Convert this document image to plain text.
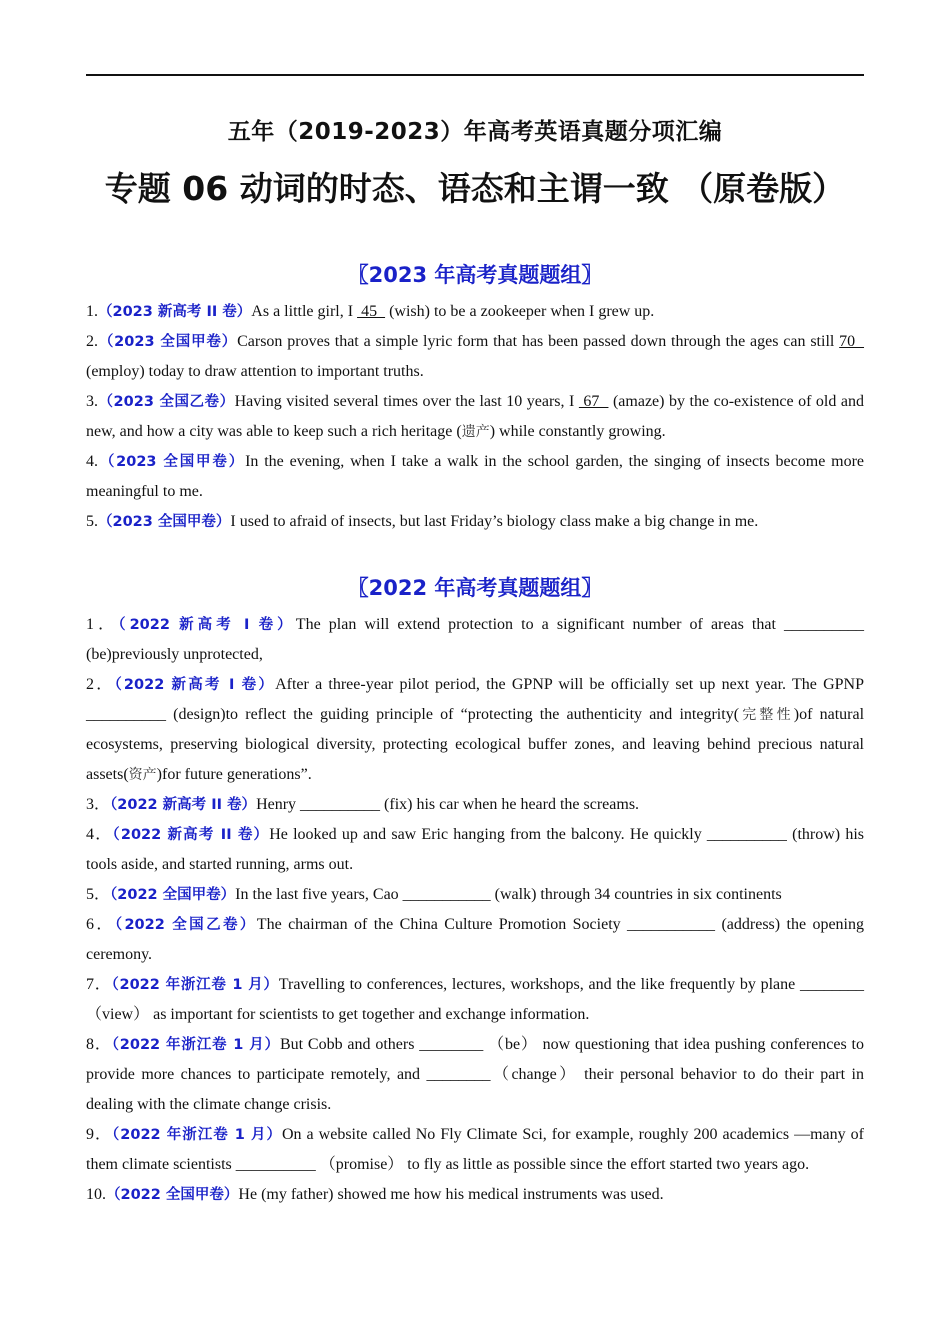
五年（2019-2023）年高考英语真题分项汇编
专题 06 动词的时态、语态和主谓一致 （原卷版）
〖2023 年高考真题题组〗

1.（2023 新高考 II 卷）As a little girl, I  45   (wish) to be a zookeeper when I grew up.

2.（2023 全国甲卷）Carson proves that a simple lyric form that has been passed down through the ages can still 70   (employ) today to draw attention to important truths.

3.（2023 全国乙卷）Having visited several times over the last 10 years, I  67   (amaze) by the co-existence of old and new, and how a city was able to keep such a rich heritage (遗产) while constantly growing.

4.（2023 全国甲卷）In the evening, when I take a walk in the school garden, the singing of insects become more meaningful to me.

5.（2023 全国甲卷）I used to afraid of insects, but last Friday’s biology class make a big change in me.

〖2022 年高考真题题组〗

1．（2022 新高考 I 卷）The plan will extend protection to a significant number of areas that __________ (be)previously unprotected,

2．（2022 新高考 I 卷）After a three-year pilot period, the GPNP will be officially set up next year. The GPNP __________ (design)to reflect the guiding principle of “protecting the authenticity and integrity(完整性)of natural ecosystems, preserving biological diversity, protecting ecological buffer zones, and leaving behind precious natural assets(资产)for future generations”.

3．（2022 新高考 II 卷）Henry __________ (fix) his car when he heard the screams.

4．（2022 新高考 II 卷）He looked up and saw Eric hanging from the balcony. He quickly __________ (throw) his tools aside, and started running, arms out.

5．（2022 全国甲卷）In the last five years, Cao ___________ (walk) through 34 countries in six continents

6．（2022 全国乙卷）The chairman of the China Culture Promotion Society ___________ (address) the opening ceremony.

7．（2022 年浙江卷 1 月）Travelling to conferences, lectures, workshops, and the like frequently by plane ________（view） as important for scientists to get together and exchange information.

8．（2022 年浙江卷 1 月）But Cobb and others ________ （be） now questioning that idea pushing conferences to provide more chances to participate remotely, and ________（change） their personal behavior to do their part in dealing with the climate change crisis.

9．（2022 年浙江卷 1 月）On a website called No Fly Climate Sci, for example, roughly 200 academics —many of them climate scientists __________ （promise） to fly as little as possible since the effort started two years ago.

10.（2022 全国甲卷）He (my father) showed me how his medical instruments was used.
